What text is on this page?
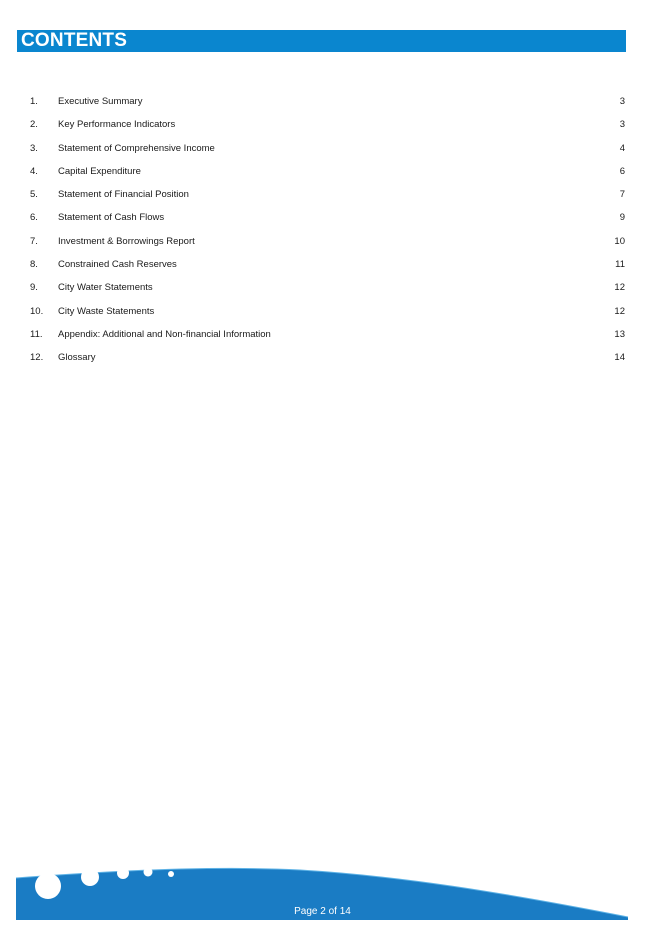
CONTENTS
1. Executive Summary	3
2. Key Performance Indicators	3
3. Statement of Comprehensive Income	4
4. Capital Expenditure	6
5. Statement of Financial Position	7
6. Statement of Cash Flows	9
7. Investment & Borrowings Report	10
8. Constrained Cash Reserves	11
9. City Water Statements	12
10. City Waste Statements	12
11. Appendix: Additional and Non-financial Information	13
12. Glossary	14
Page 2 of 14
